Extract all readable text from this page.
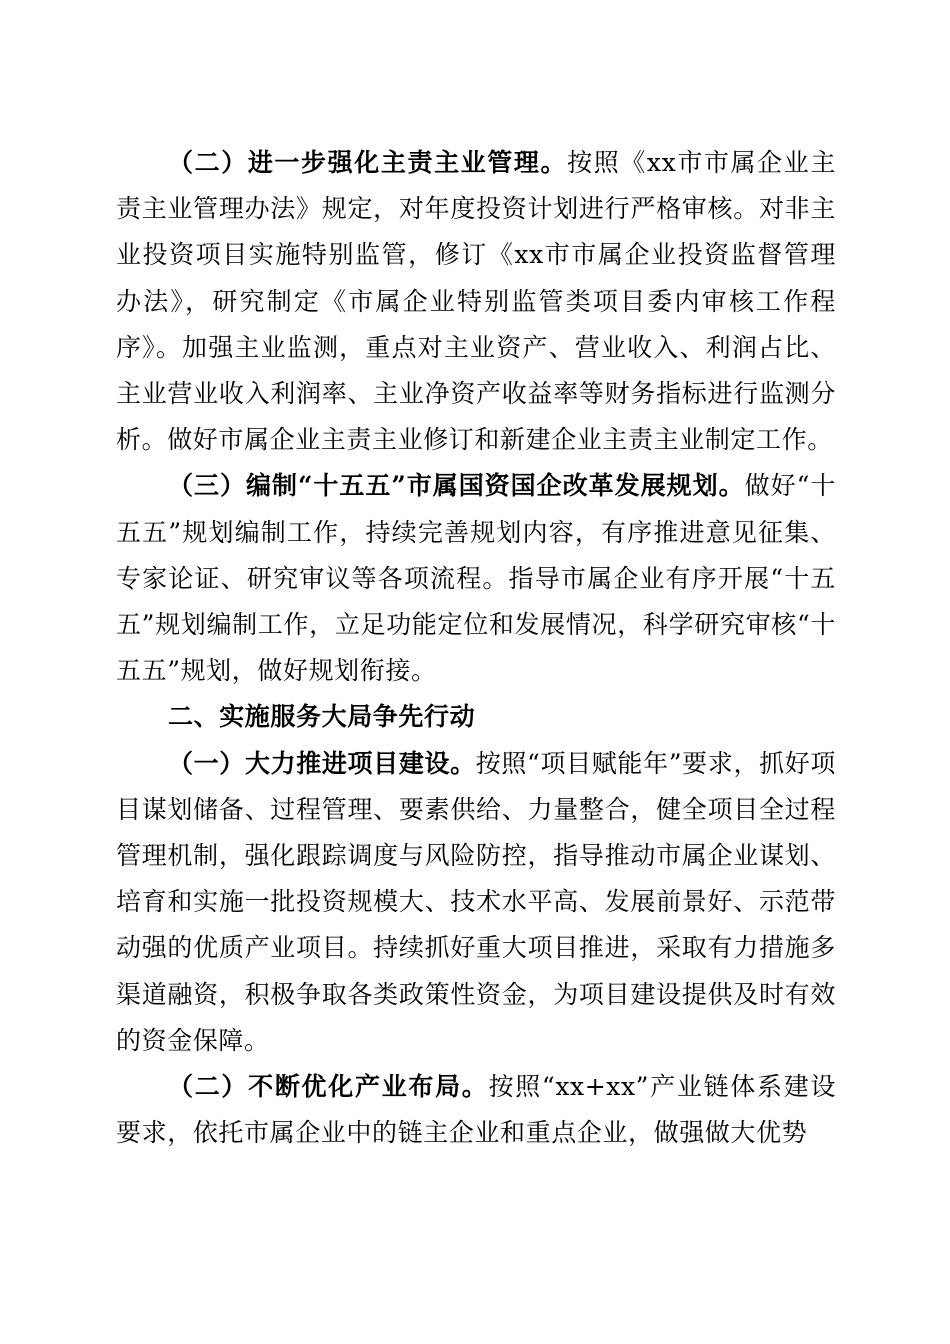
（二）进一步强化主责主业管理。按照《xx市市属企业主责主业管理办法》规定，对年度投资计划进行严格审核。对非主业投资项目实施特别监管，修订《xx市市属企业投资监督管理办法》，研究制定《市属企业特别监管类项目委内审核工作程序》。加强主业监测，重点对主业资产、营业收入、利润占比、主业营业收入利润率、主业净资产收益率等财务指标进行监测分析。做好市属企业主责主业修订和新建企业主责主业制定工作。

（三）编制“十五五”市属国资国企改革发展规划。做好“十五五”规划编制工作，持续完善规划内容，有序推进意见征集、专家论证、研究审议等各项流程。指导市属企业有序开展“十五五”规划编制工作，立足功能定位和发展情况，科学研究审核“十五五”规划，做好规划衔接。

二、实施服务大局争先行动

（一）大力推进项目建设。按照“项目赋能年”要求，抓好项目谋划储备、过程管理、要素供给、力量整合，健全项目全过程管理机制，强化跟踪调度与风险防控，指导推动市属企业谋划、培育和实施一批投资规模大、技术水平高、发展前景好、示范带动强的优质产业项目。持续抓好重大项目推进，采取有力措施多渠道融资，积极争取各类政策性资金，为项目建设提供及时有效的资金保障。

（二）不断优化产业布局。按照“xx+xx”产业链体系建设要求，依托市属企业中的链主企业和重点企业，做强做大优势
